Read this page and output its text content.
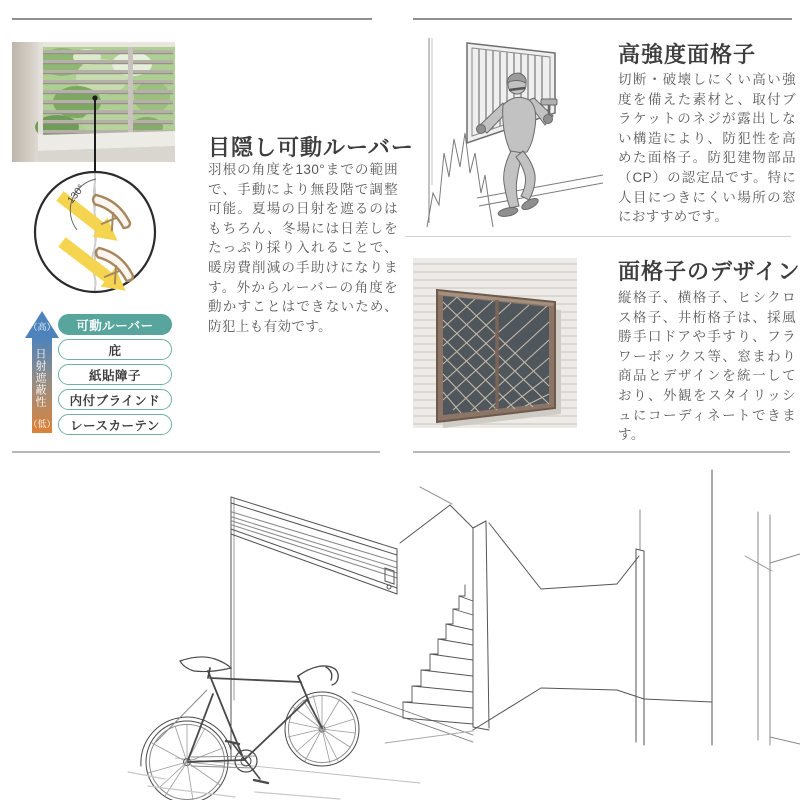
130°
（高）
日射遮蔽性
（低）
可動ルーバー
庇
紙貼障子
内付ブラインド
レースカーテン
目隠し可動ルーバー

羽根の角度を130°までの範囲で、手動により無段階で調整可能。夏場の日射を遮るのはもちろん、冬場には日差しをたっぷり採り入れることで、暖房費削減の手助けになります。外からルーバーの角度を動かすことはできないため、防犯上も有効です。

高強度面格子

切断・破壊しにくい高い強度を備えた素材と、取付ブラケットのネジが露出しない構造により、防犯性を高めた面格子。防犯建物部品（CP）の認定品です。特に人目につきにくい場所の窓におすすめです。

面格子のデザイン

縦格子、横格子、ヒシクロス格子、井桁格子は、採風勝手口ドアや手すり、フラワーボックス等、窓まわり商品とデザインを統一しており、外観をスタイリッシュにコーディネートできます。
